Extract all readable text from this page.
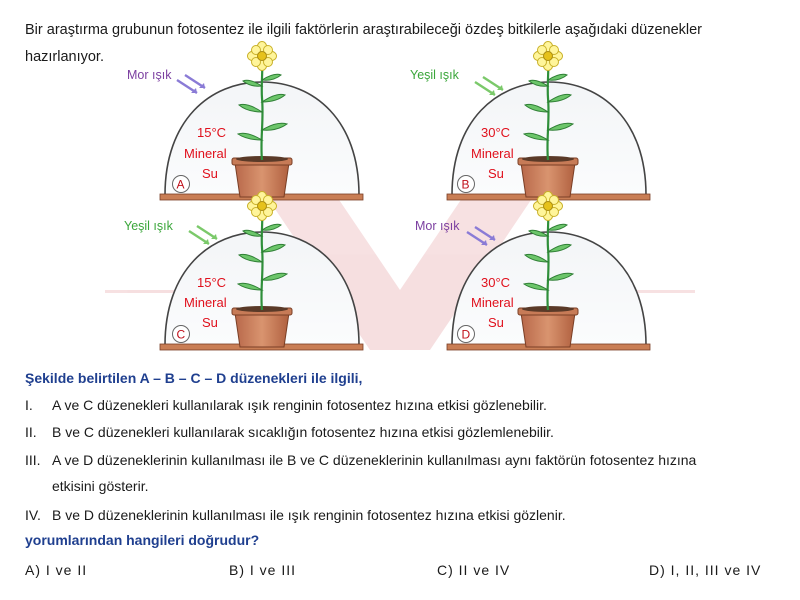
Bir araştırma grubunun fotosentez ile ilgili faktörlerin araştırabileceği özdeş bitkilerle aşağıdaki düzenekler hazırlanıyor.
Mor ışık
15°C
Mineral
Su
A
Yeşil ışık
30°C
Mineral
Su
B
Yeşil ışık
15°C
Mineral
Su
C
Mor ışık
30°C
Mineral
Su
D
Şekilde belirtilen A – B – C – D düzenekleri ile ilgili,
I. A ve C düzenekleri kullanılarak ışık renginin fotosentez hızına etkisi gözlenebilir.
II. B ve C düzenekleri kullanılarak sıcaklığın fotosentez hızına etkisi gözlemlenebilir.
III. A ve D düzeneklerinin kullanılması ile B ve C düzeneklerinin kullanılması aynı faktörün fotosentez hızına
etkisini gösterir.
IV. B ve D düzeneklerinin kullanılması ile ışık renginin fotosentez hızına etkisi gözlenir.
yorumlarından hangileri doğrudur?
A) I ve II	B) I ve III	C) II ve IV	D) I, II, III ve IV
